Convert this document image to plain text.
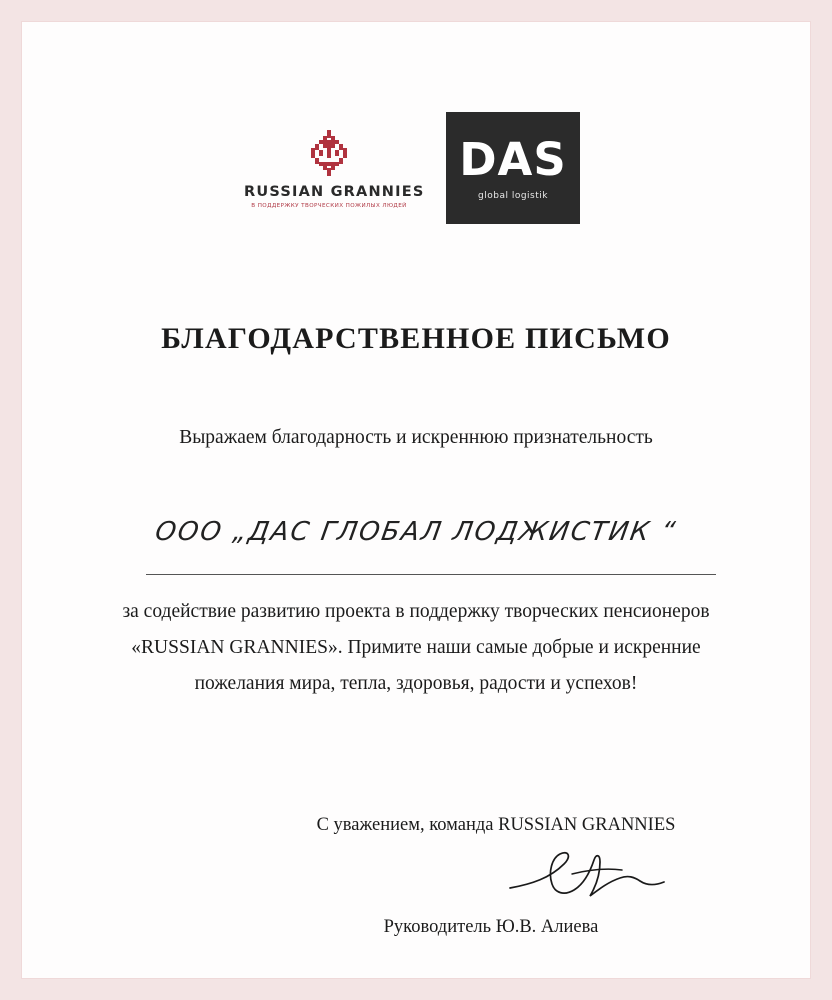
RUSSIAN GRANNIES
В ПОДДЕРЖКУ ТВОРЧЕСКИХ ПОЖИЛЫХ ЛЮДЕЙ
DAS
global logistik
БЛАГОДАРСТВЕННОЕ ПИСЬМО
Выражаем благодарность и искреннюю признательность
ООО „ДАС ГЛОБАЛ ЛОДЖИСТИК “
за содействие развитию проекта в поддержку творческих пенсионеров «RUSSIAN GRANNIES». Примите наши самые добрые и искренние пожелания мира, тепла, здоровья, радости и успехов!
С уважением, команда RUSSIAN GRANNIES
Руководитель Ю.В. Алиева
